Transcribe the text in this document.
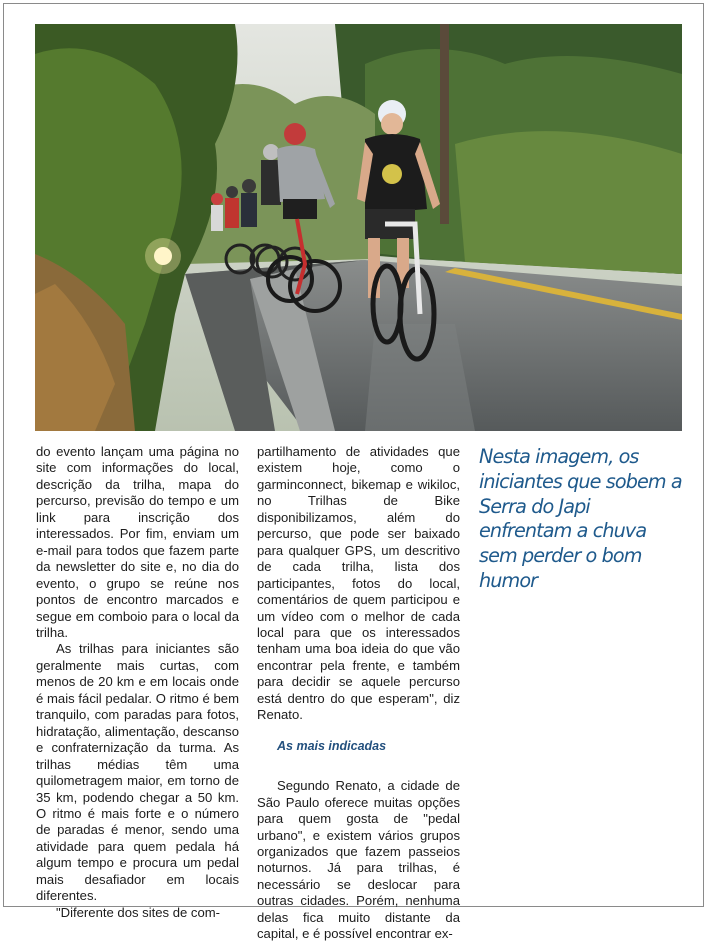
do evento lançam uma página no site com informações do local, descrição da trilha, mapa do percurso, previsão do tempo e um link para inscrição dos interessados. Por fim, enviam um e-mail para todos que fazem parte da newsletter do site e, no dia do evento, o grupo se reúne nos pontos de encontro marcados e segue em comboio para o local da trilha.

As trilhas para iniciantes são geralmente mais curtas, com menos de 20 km e em locais onde é mais fácil pedalar. O ritmo é bem tranquilo, com paradas para fotos, hidratação, alimentação, descanso e confraternização da turma. As trilhas médias têm uma quilometragem maior, em torno de 35 km, podendo chegar a 50 km. O ritmo é mais forte e o número de paradas é menor, sendo uma atividade para quem pedala há algum tempo e procura um pedal mais desafiador em locais diferentes.

"Diferente dos sites de com-

partilhamento de atividades que existem hoje, como o garminconnect, bikemap e wikiloc, no Trilhas de Bike disponibilizamos, além do percurso, que pode ser baixado para qualquer GPS, um descritivo de cada trilha, lista dos participantes, fotos do local, comentários de quem participou e um vídeo com o melhor de cada local para que os interessados tenham uma boa ideia do que vão encontrar pela frente, e também para decidir se aquele percurso está dentro do que esperam", diz Renato.

As mais indicadas

Segundo Renato, a cidade de São Paulo oferece muitas opções para quem gosta de "pedal urbano", e existem vários grupos organizados que fazem passeios noturnos. Já para trilhas, é necessário se deslocar para outras cidades. Porém, nenhuma delas fica muito distante da capital, e é possível encontrar ex-

Nesta imagem, os iniciantes que sobem a Serra do Japi enfrentam a chuva sem perder o bom humor
